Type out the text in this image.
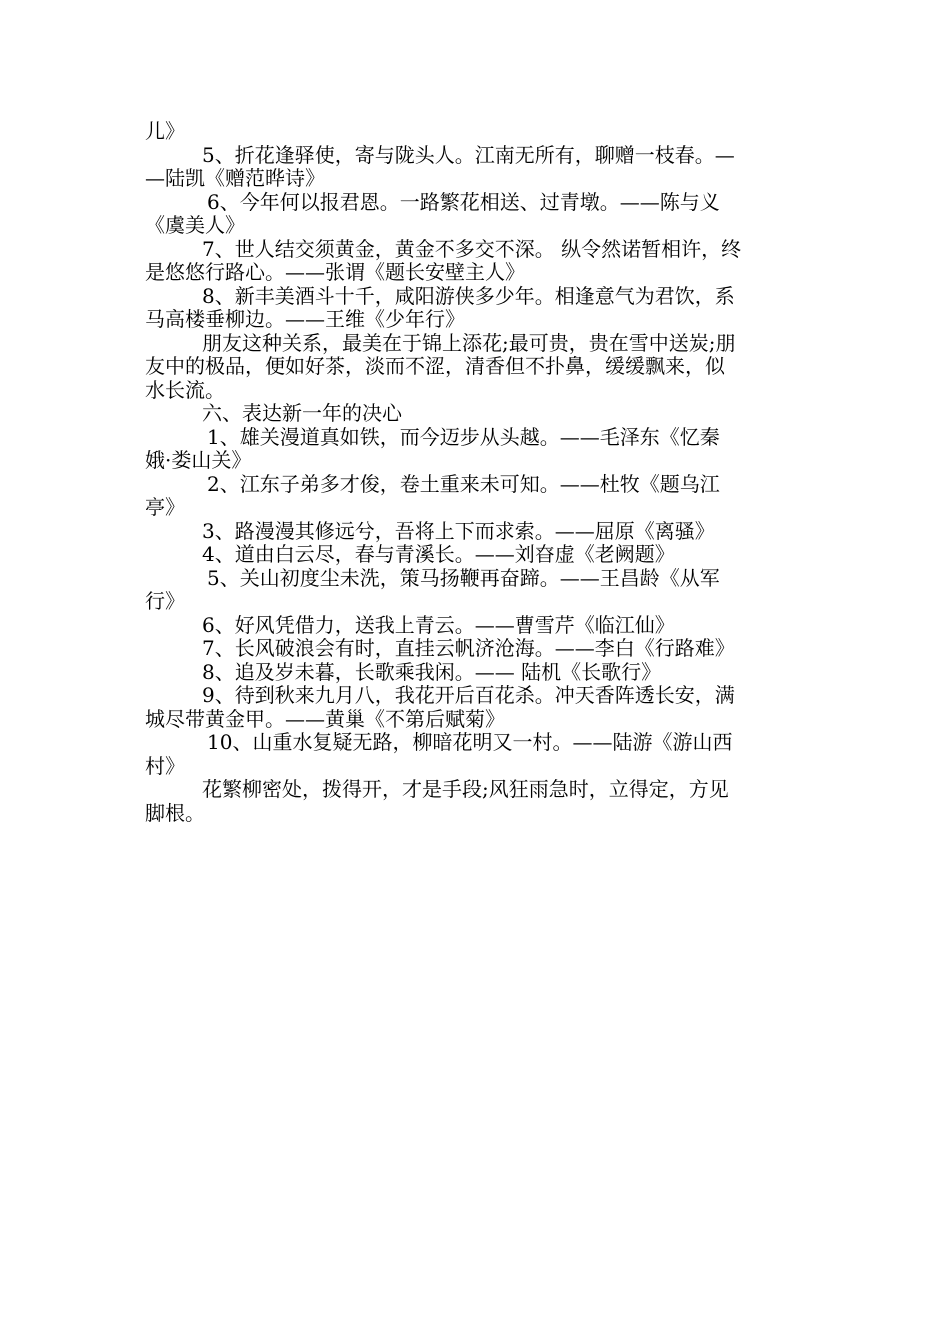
儿》
5、折花逢驿使，寄与陇头人。江南无所有，聊赠一枝春。—
—陆凯《赠范晔诗》
6、今年何以报君恩。一路繁花相送、过青墩。——陈与义
《虞美人》
7、世人结交须黄金，黄金不多交不深。 纵令然诺暂相许，终
是悠悠行路心。——张谓《题长安壁主人》
8、新丰美酒斗十千，咸阳游侠多少年。相逢意气为君饮，系
马高楼垂柳边。——王维《少年行》
朋友这种关系，最美在于锦上添花;最可贵，贵在雪中送炭;朋
友中的极品，便如好茶，淡而不涩，清香但不扑鼻，缓缓飘来，似
水长流。
六、表达新一年的决心
1、雄关漫道真如铁，而今迈步从头越。——毛泽东《忆秦
娥·娄山关》
2、江东子弟多才俊，卷土重来未可知。——杜牧《题乌江
亭》
3、路漫漫其修远兮，吾将上下而求索。——屈原《离骚》
4、道由白云尽，春与青溪长。——刘昚虚《老阙题》
5、关山初度尘未洗，策马扬鞭再奋蹄。——王昌龄《从军
行》
6、好风凭借力，送我上青云。——曹雪芹《临江仙》
7、长风破浪会有时，直挂云帆济沧海。——李白《行路难》
8、追及岁未暮，长歌乘我闲。—— 陆机《长歌行》
9、待到秋来九月八，我花开后百花杀。冲天香阵透长安，满
城尽带黄金甲。——黄巢《不第后赋菊》
10、山重水复疑无路，柳暗花明又一村。——陆游《游山西
村》
花繁柳密处，拨得开，才是手段;风狂雨急时，立得定，方见
脚根。
